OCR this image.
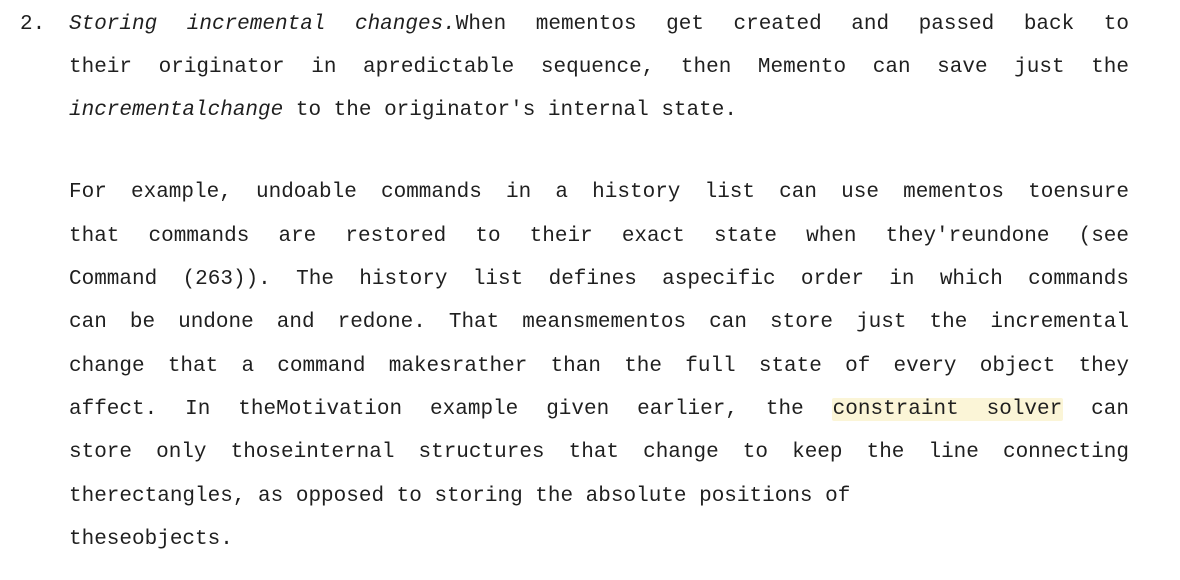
2. Storing incremental changes.When mementos get created and passed back to
their originator in apredictable sequence, then Memento can save just the
incrementalchange to the originator's internal state.
For example, undoable commands in a history list can use mementos toensure
that commands are restored to their exact state when they'reundone (see
Command (263)). The history list defines aspecific order in which commands
can be undone and redone. That meansmementos can store just the incremental
change that a command makesrather than the full state of every object they
affect. In theMotivation example given earlier, the constraint solver can
store only thoseinternal structures that change to keep the line connecting
therectangles, as opposed to storing the absolute positions of
theseobjects.
